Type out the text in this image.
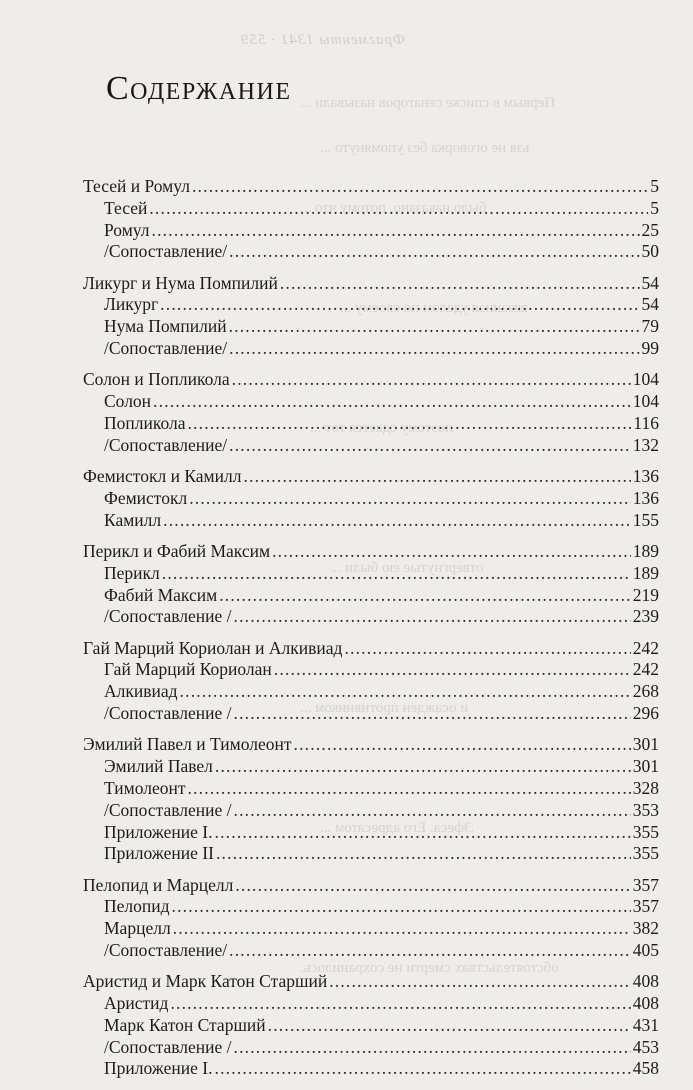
Первым в списке сенаторов называли ...
ьзя не оговорка без упомянуто ...
было наказано, потому что ...
вязанная уделом по своему ...
поэтому сдается тот ...
отвергнутые ею были ...
и осажден противником ...
Эфеса. Его адресатом ...
обстоятельствах смерти не сохранилось.
Фрагменты 1341 · 559
Содержание
Тесей и Ромул .....	5
Тесей .....	5
Ромул .....	25
/Сопоставление/ .....	50
Ликург и Нума Помпилий .....	54
Ликург .....	54
Нума Помпилий .....	79
/Сопоставление/ .....	99
Солон и Попликола .....	104
Солон .....	104
Попликола .....	116
/Сопоставление/ .....	132
Фемистокл и Камилл .....	136
Фемистокл .....	136
Камилл .....	155
Перикл и Фабий Максим .....	189
Перикл .....	189
Фабий Максим .....	219
/Сопоставление / .....	239
Гай Марций Кориолан и Алкивиад .....	242
Гай Марций Кориолан .....	242
Алкивиад .....	268
/Сопоставление / .....	296
Эмилий Павел и Тимолеонт .....	301
Эмилий Павел .....	301
Тимолеонт .....	328
/Сопоставление / .....	353
Приложение I. .....	355
Приложение II .....	355
Пелопид и Марцелл .....	357
Пелопид .....	357
Марцелл .....	382
/Сопоставление/ .....	405
Аристид и Марк Катон Старший .....	408
Аристид .....	408
Марк Катон Старший .....	431
/Сопоставление / .....	453
Приложение I. .....	458
